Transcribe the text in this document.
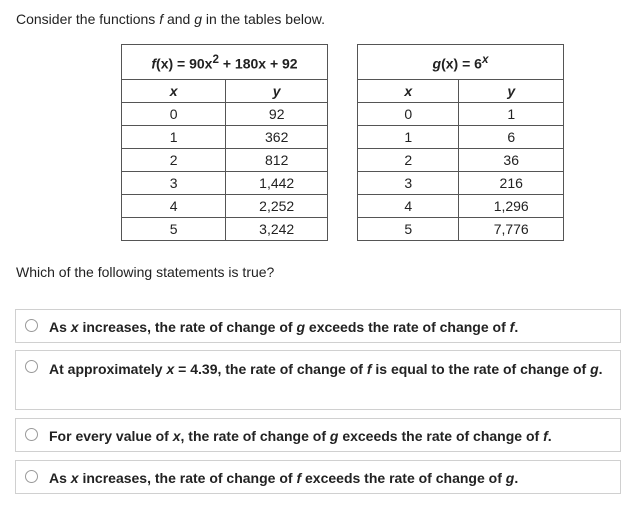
Consider the functions f and g in the tables below.
$f(x) = 90x^2 + 180x + 92$	
x	y
0	92
1	362
2	812
3	1,442
4	2,252
5	3,242
$g(x) = 6^x$
x	y
0	1
1	6
2	36
3	216
4	1,296
5	7,776
Which of the following statements is true?
As x increases, the rate of change of g exceeds the rate of change of f.
At approximately x = 4.39, the rate of change of f is equal to the rate of change of g.
For every value of x, the rate of change of g exceeds the rate of change of f.
As x increases, the rate of change of f exceeds the rate of change of g.
